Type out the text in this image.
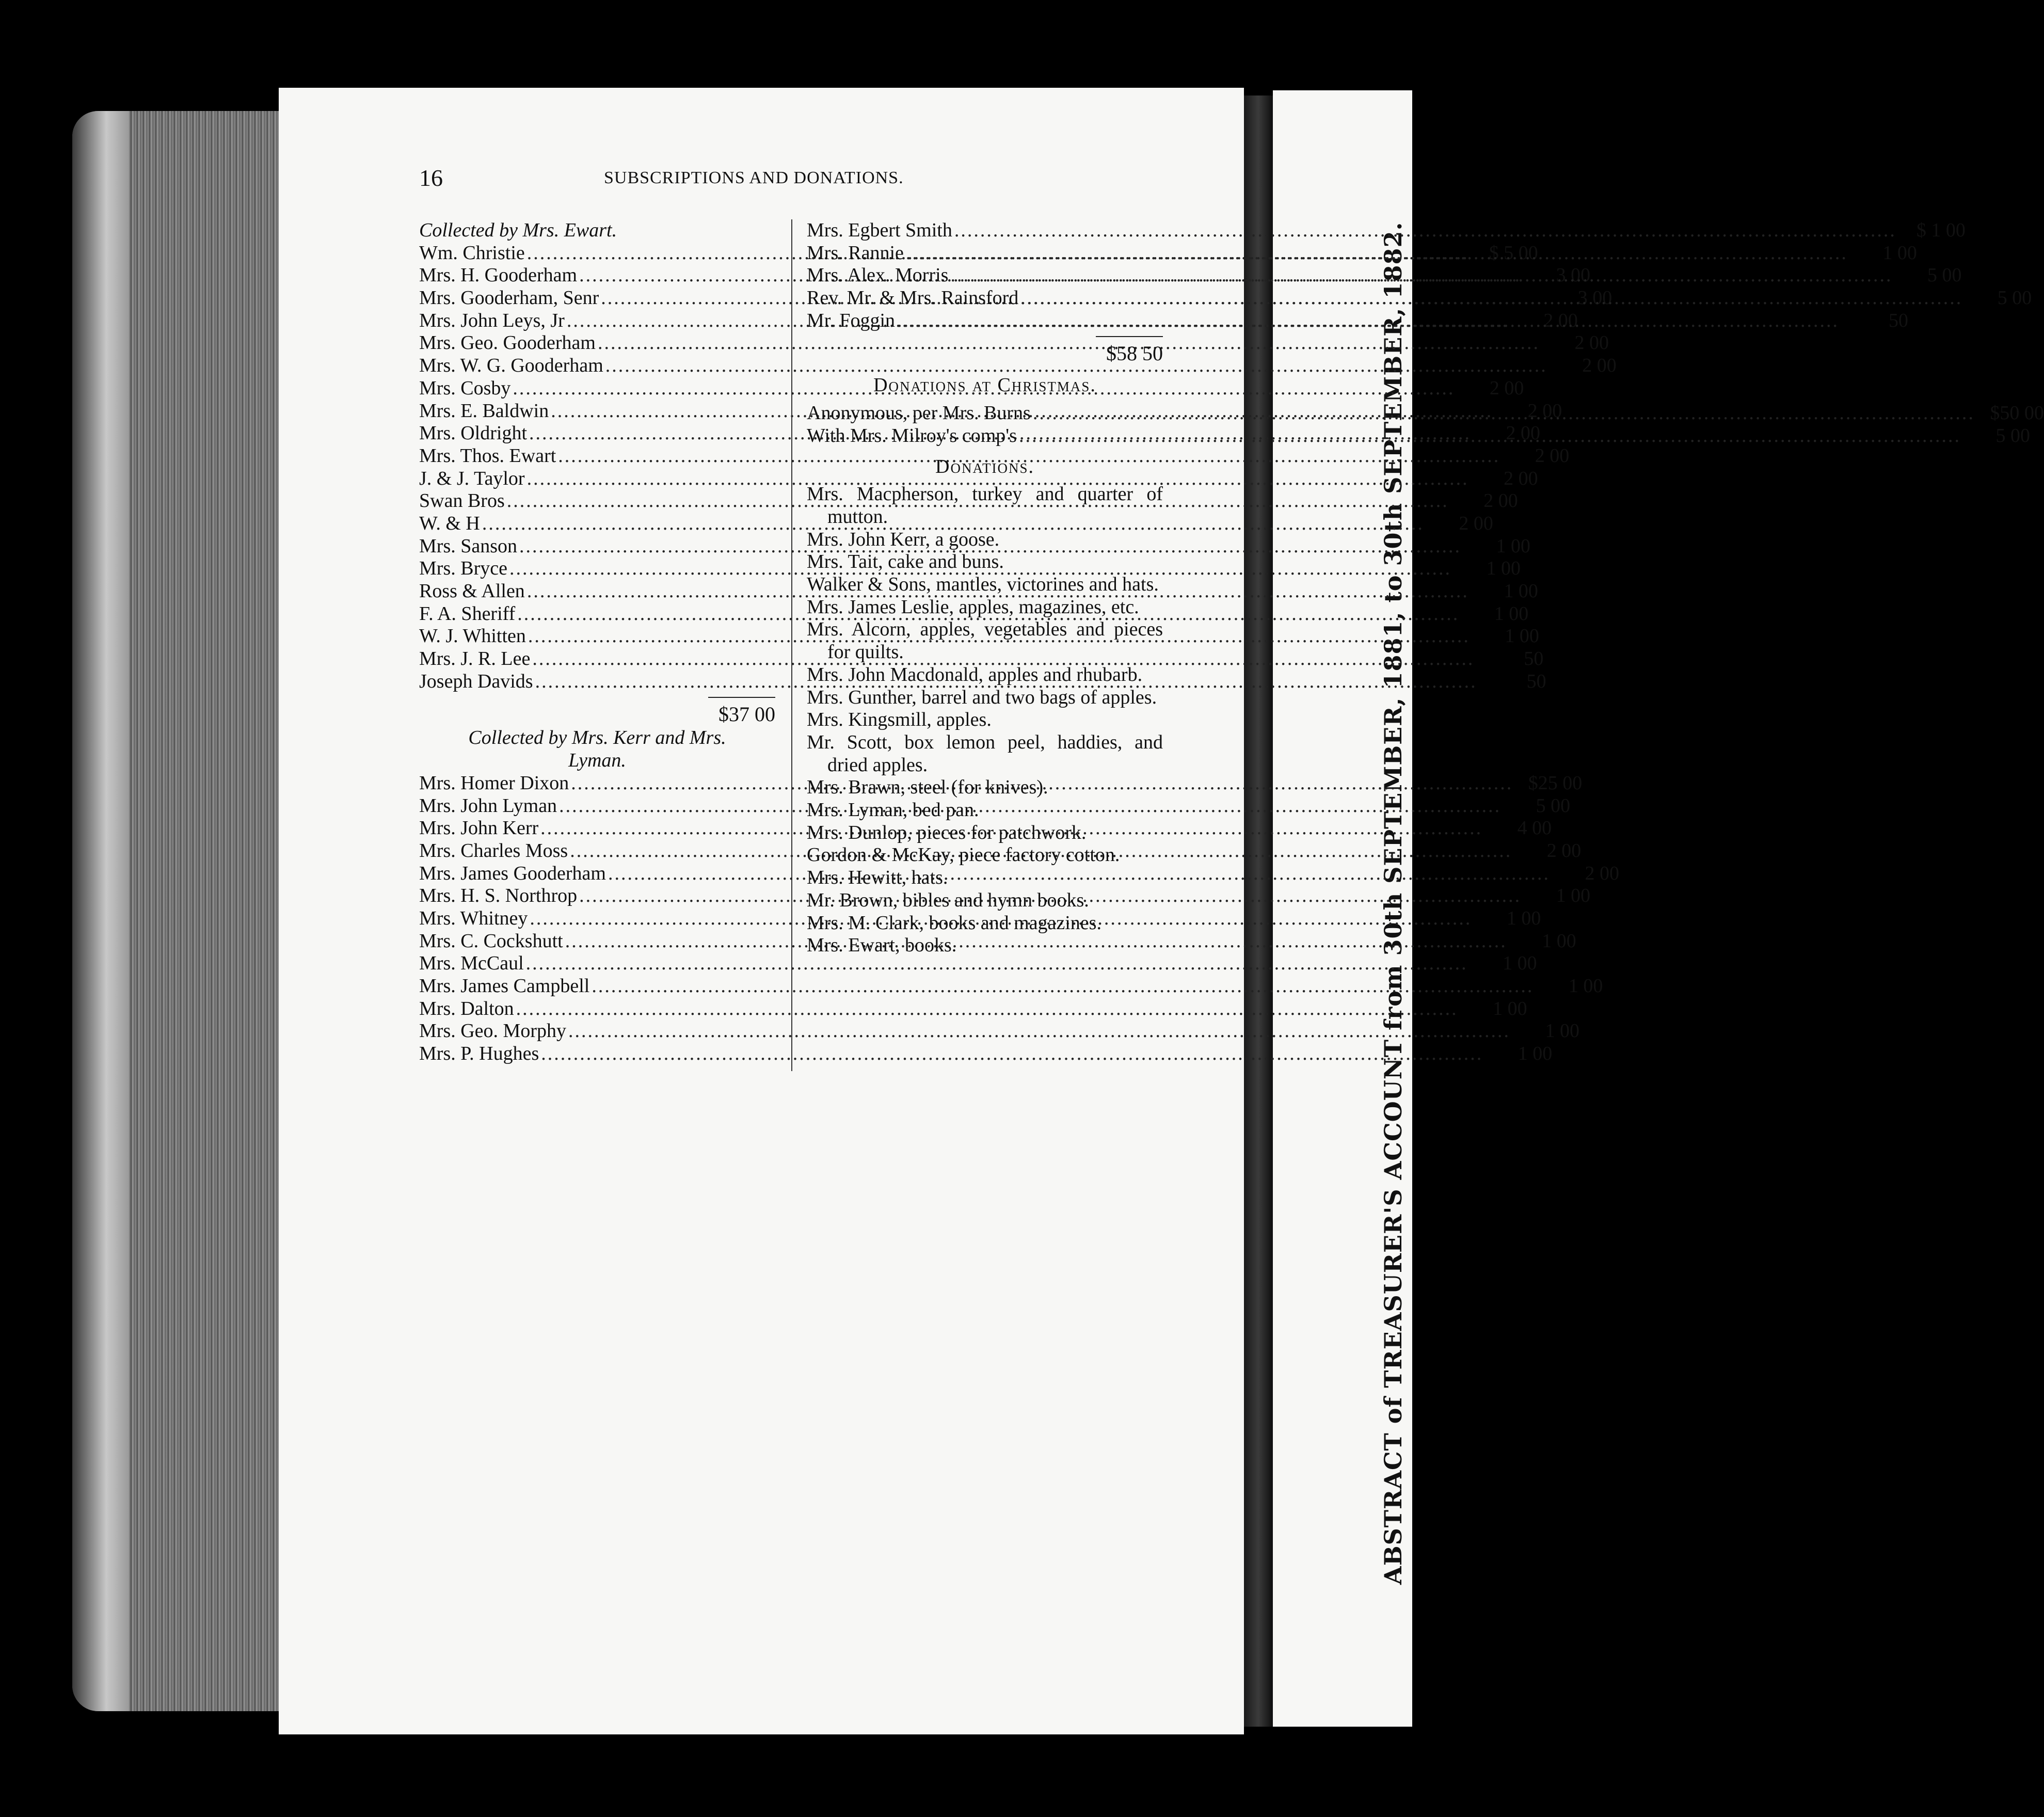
ABSTRACT of TREASURER'S ACCOUNT from 30th SEPTEMBER, 1881, to 30th SEPTEMBER, 1882.
16	SUBSCRIPTIONS AND DONATIONS.
Collected by Mrs. Ewart.
Wm. Christie .....	$ 5 00
Mrs. H. Gooderham .....	3 00
Mrs. Gooderham, Senr .....	3 00
Mrs. John Leys, Jr .....	2 00
Mrs. Geo. Gooderham .....	2 00
Mrs. W. G. Gooderham .....	2 00
Mrs. Cosby .....	2 00
Mrs. E. Baldwin .....	2 00
Mrs. Oldright .....	2 00
Mrs. Thos. Ewart .....	2 00
J. & J. Taylor .....	2 00
Swan Bros .....	2 00
W. & H .....	2 00
Mrs. Sanson .....	1 00
Mrs. Bryce .....	1 00
Ross & Allen .....	1 00
F. A. Sheriff .....	1 00
W. J. Whitten .....	1 00
Mrs. J. R. Lee .....	50
Joseph Davids .....	50
$37 00
Collected by Mrs. Kerr and Mrs. Lyman.
Mrs. Homer Dixon .....	$25 00
Mrs. John Lyman .....	5 00
Mrs. John Kerr .....	4 00
Mrs. Charles Moss .....	2 00
Mrs. James Gooderham .....	2 00
Mrs. H. S. Northrop .....	1 00
Mrs. Whitney .....	1 00
Mrs. C. Cockshutt .....	1 00
Mrs. McCaul .....	1 00
Mrs. James Campbell .....	1 00
Mrs. Dalton .....	1 00
Mrs. Geo. Morphy .....	1 00
Mrs. P. Hughes .....	1 00
Mrs. Egbert Smith .....	$ 1 00
Mrs. Rannie .....	1 00
Mrs. Alex. Morris .....	5 00
Rev. Mr. & Mrs. Rainsford .....	5 00
Mr. Foggin .....	50
$58 50
Donations at Christmas.
Anonymous, per Mrs. Burns .....	$50 00
With Mrs. Milroy's comp's .....	5 00
Donations.
Mrs. Macpherson, turkey and quarter of mutton.
Mrs. John Kerr, a goose.
Mrs. Tait, cake and buns.
Walker & Sons, mantles, victorines and hats.
Mrs. James Leslie, apples, magazines, etc.
Mrs. Alcorn, apples, vegetables and pieces for quilts.
Mrs. John Macdonald, apples and rhubarb.
Mrs. Gunther, barrel and two bags of apples.
Mrs. Kingsmill, apples.
Mr. Scott, box lemon peel, haddies, and dried apples.
Mrs. Brawn, steel (for knives).
Mrs. Lyman, bed pan.
Mrs. Dunlop, pieces for patchwork.
Gordon & McKay, piece factory cotton.
Mrs. Hewitt, hats.
Mr. Brown, bibles and hymn books.
Mrs. M. Clark, books and magazines.
Mrs. Ewart, books.
